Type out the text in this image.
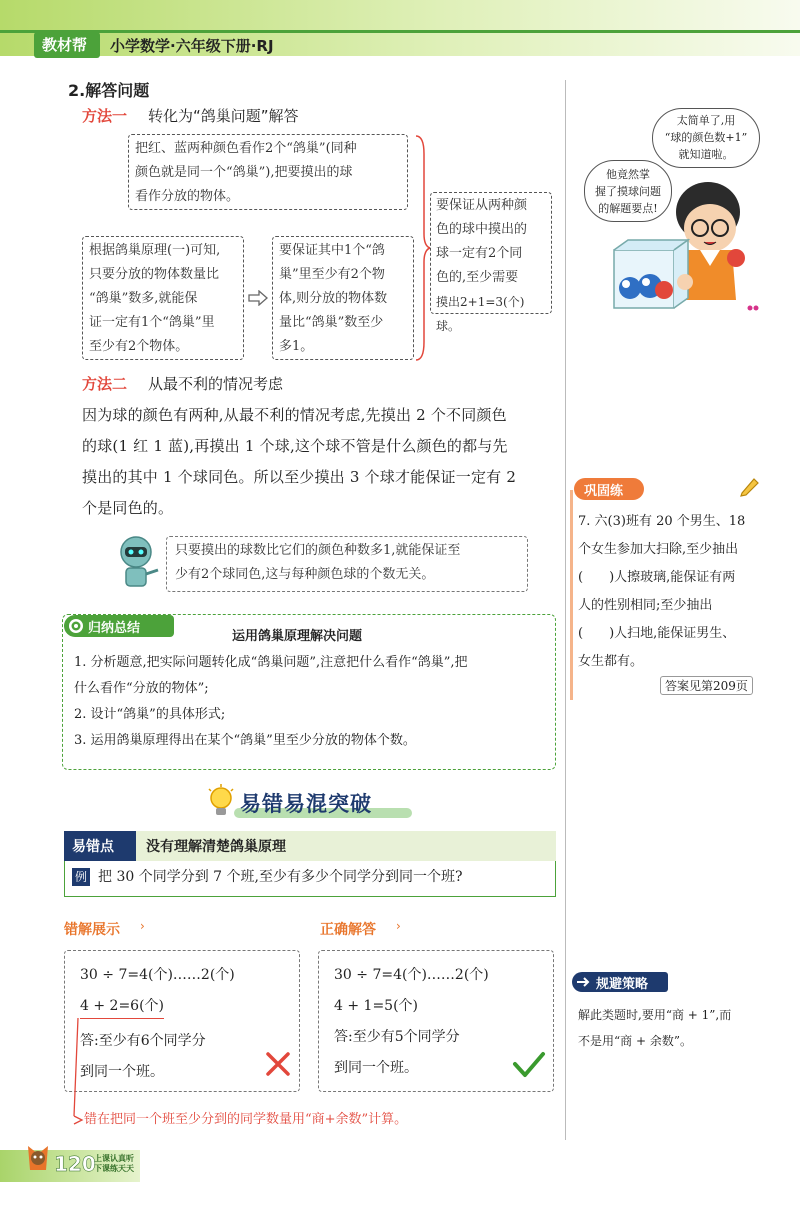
教材帮 小学数学·六年级下册·RJ
2.解答问题
方法一 转化为“鸽巢问题”解答
把红、蓝两种颜色看作2个“鸽巢”(同种
颜色就是同一个“鸽巢”),把要摸出的球
看作分放的物体。
根据鸽巢原理(一)可知,
只要分放的物体数量比
“鸽巢”数多,就能保
证一定有1个“鸽巢”里
至少有2个物体。
要保证其中1个“鸽
巢”里至少有2个物
体,则分放的物体数
量比“鸽巢”数至少
多1。
要保证从两种颜
色的球中摸出的
球一定有2个同
色的,至少需要
摸出2+1=3(个)球。
太简单了,用
“球的颜色数+1”
就知道啦。
他竟然掌
握了摸球问题
的解题要点!
方法二 从最不利的情况考虑
因为球的颜色有两种,从最不利的情况考虑,先摸出 2 个不同颜色
的球(1 红 1 蓝),再摸出 1 个球,这个球不管是什么颜色的都与先
摸出的其中 1 个球同色。所以至少摸出 3 个球才能保证一定有 2
个是同色的。
只要摸出的球数比它们的颜色种数多1,就能保证至
少有2个球同色,这与每种颜色球的个数无关。
归纳总结
运用鸽巢原理解决问题
1. 分析题意,把实际问题转化成“鸽巢问题”,注意把什么看作“鸽巢”,把
什么看作“分放的物体”;
2. 设计“鸽巢”的具体形式;
3. 运用鸽巢原理得出在某个“鸽巢”里至少分放的物体个数。
巩固练
7. 六(3)班有 20 个男生、18
个女生参加大扫除,至少抽出
(　　)人擦玻璃,能保证有两
人的性别相同;至少抽出
(　　)人扫地,能保证男生、
女生都有。
答案见第209页
易错易混突破
易错点 没有理解清楚鸽巢原理
例 把 30 个同学分到 7 个班,至少有多少个同学分到同一个班?
错解展示 ›	正确解答 ›
30 ÷ 7=4(个)……2(个)
4 + 2=6(个)
答:至少有6个同学分
到同一个班。
30 ÷ 7=4(个)……2(个)
4 + 1=5(个)
答:至少有5个同学分
到同一个班。
错在把同一个班至少分到的同学数量用“商+余数”计算。
规避策略
解此类题时,要用“商 + 1”,而
不是用“商 + 余数”。
120
上课认真听
下课练天天
